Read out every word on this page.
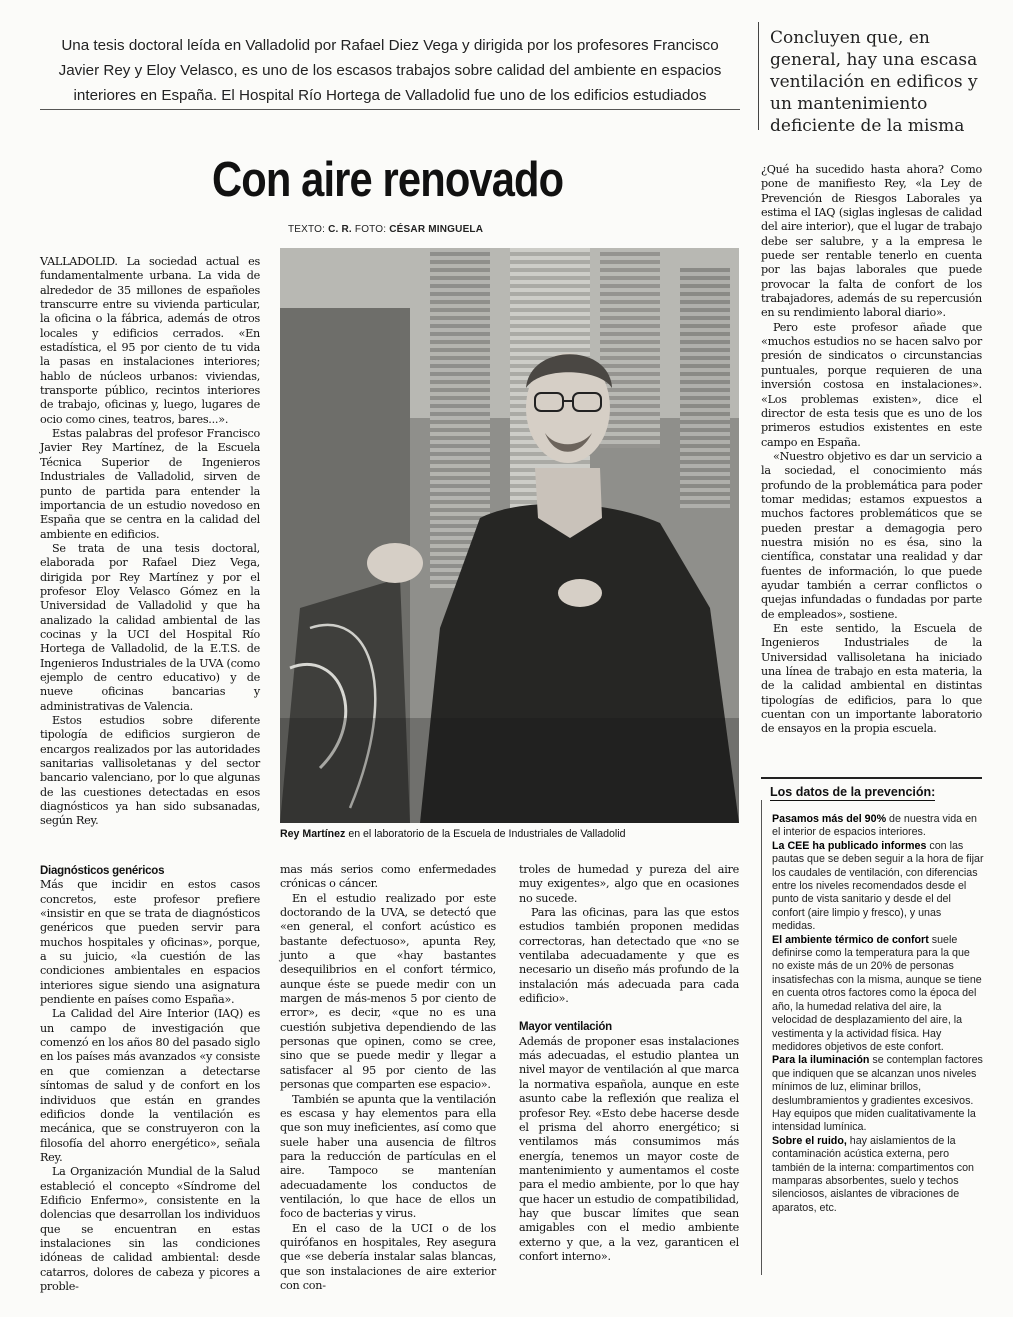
Una tesis doctoral leída en Valladolid por Rafael Diez Vega y dirigida por los profesores Francisco Javier Rey y Eloy Velasco, es uno de los escasos trabajos sobre calidad del ambiente en espacios interiores en España. El Hospital Río Hortega de Valladolid fue uno de los edificios estudiados

Concluyen que, en general, hay una escasa ventilación en edificos y un mantenimiento deficiente de la misma
Con aire renovado
TEXTO: C. R. FOTO: CÉSAR MINGUELA

VALLADOLID. La sociedad actual es fundamentalmente urbana. La vida de alrededor de 35 millones de españoles transcurre entre su vivienda particular, la oficina o la fábrica, además de otros locales y edificios cerrados. «En estadística, el 95 por ciento de tu vida la pasas en instalaciones interiores; hablo de núcleos urbanos: viviendas, transporte público, recintos interiores de trabajo, oficinas y, luego, lugares de ocio como cines, teatros, bares...».

Estas palabras del profesor Francisco Javier Rey Martínez, de la Escuela Técnica Superior de Ingenieros Industriales de Valladolid, sirven de punto de partida para entender la importancia de un estudio novedoso en España que se centra en la calidad del ambiente en edificios.

Se trata de una tesis doctoral, elaborada por Rafael Diez Vega, dirigida por Rey Martínez y por el profesor Eloy Velasco Gómez en la Universidad de Valladolid y que ha analizado la calidad ambiental de las cocinas y la UCI del Hospital Río Hortega de Valladolid, de la E.T.S. de Ingenieros Industriales de la UVA (como ejemplo de centro educativo) y de nueve oficinas bancarias y administrativas de Valencia.

Estos estudios sobre diferente tipología de edificios surgieron de encargos realizados por las autoridades sanitarias vallisoletanas y del sector bancario valenciano, por lo que algunas de las cuestiones detectadas en esos diagnósticos ya han sido subsanadas, según Rey.

Rey Martínez en el laboratorio de la Escuela de Industriales de Valladolid
Diagnósticos genéricos

Más que incidir en estos casos concretos, este profesor prefiere «insistir en que se trata de diagnósticos genéricos que pueden servir para muchos hospitales y oficinas», porque, a su juicio, «la cuestión de las condiciones ambientales en espacios interiores sigue siendo una asignatura pendiente en países como España».

La Calidad del Aire Interior (IAQ) es un campo de investigación que comenzó en los años 80 del pasado siglo en los países más avanzados «y consiste en que comienzan a detectarse síntomas de salud y de confort en los individuos que están en grandes edificios donde la ventilación es mecánica, que se construyeron con la filosofía del ahorro energético», señala Rey.

La Organización Mundial de la Salud estableció el concepto «Síndrome del Edificio Enfermo», consistente en la dolencias que desarrollan los individuos que se encuentran en estas instalaciones sin las condiciones idóneas de calidad ambiental: desde catarros, dolores de cabeza y picores a proble-

mas más serios como enfermedades crónicas o cáncer.

En el estudio realizado por este doctorando de la UVA, se detectó que «en general, el confort acústico es bastante defectuoso», apunta Rey, junto a que «hay bastantes desequilibrios en el confort térmico, aunque éste se puede medir con un margen de más-menos 5 por ciento de error», es decir, «que no es una cuestión subjetiva dependiendo de las personas que opinen, como se cree, sino que se puede medir y llegar a satisfacer al 95 por ciento de las personas que comparten ese espacio».

También se apunta que la ventilación es escasa y hay elementos para ella que son muy ineficientes, así como que suele haber una ausencia de filtros para la reducción de partículas en el aire. Tampoco se mantenían adecuadamente los conductos de ventilación, lo que hace de ellos un foco de bacterias y virus.

En el caso de la UCI o de los quirófanos en hospitales, Rey asegura que «se debería instalar salas blancas, que son instalaciones de aire exterior con con-

troles de humedad y pureza del aire muy exigentes», algo que en ocasiones no sucede.

Para las oficinas, para las que estos estudios también proponen medidas correctoras, han detectado que «no se ventilaba adecuadamente y que es necesario un diseño más profundo de la instalación más adecuada para cada edificio».

Mayor ventilación

Además de proponer esas instalaciones más adecuadas, el estudio plantea un nivel mayor de ventilación al que marca la normativa española, aunque en este asunto cabe la reflexión que realiza el profesor Rey. «Esto debe hacerse desde el prisma del ahorro energético; si ventilamos más consumimos más energía, tenemos un mayor coste de mantenimiento y aumentamos el coste para el medio ambiente, por lo que hay que hacer un estudio de compatibilidad, hay que buscar límites que sean amigables con el medio ambiente externo y que, a la vez, garanticen el confort interno».

¿Qué ha sucedido hasta ahora? Como pone de manifiesto Rey, «la Ley de Prevención de Riesgos Laborales ya estima el IAQ (siglas inglesas de calidad del aire interior), que el lugar de trabajo debe ser salubre, y a la empresa le puede ser rentable tenerlo en cuenta por las bajas laborales que puede provocar la falta de confort de los trabajadores, además de su repercusión en su rendimiento laboral diario».

Pero este profesor añade que «muchos estudios no se hacen salvo por presión de sindicatos o circunstancias puntuales, porque requieren de una inversión costosa en instalaciones». «Los problemas existen», dice el director de esta tesis que es uno de los primeros estudios existentes en este campo en España.

«Nuestro objetivo es dar un servicio a la sociedad, el conocimiento más profundo de la problemática para poder tomar medidas; estamos expuestos a muchos factores problemáticos que se pueden prestar a demagogia pero nuestra misión no es ésa, sino la científica, constatar una realidad y dar fuentes de información, lo que puede ayudar también a cerrar conflictos o quejas infundadas o fundadas por parte de empleados», sostiene.

En este sentido, la Escuela de Ingenieros Industriales de la Universidad vallisoletana ha iniciado una línea de trabajo en esta materia, la de la calidad ambiental en distintas tipologías de edificios, para lo que cuentan con un importante laboratorio de ensayos en la propia escuela.

Los datos de la prevención:

Pasamos más del 90% de nuestra vida en el interior de espacios interiores.

La CEE ha publicado informes con las pautas que se deben seguir a la hora de fijar los caudales de ventilación, con diferencias entre los niveles recomendados desde el punto de vista sanitario y desde el del confort (aire limpio y fresco), y unas medidas.

El ambiente térmico de confort suele definirse como la temperatura para la que no existe más de un 20% de personas insatisfechas con la misma, aunque se tiene en cuenta otros factores como la época del año, la humedad relativa del aire, la velocidad de desplazamiento del aire, la vestimenta y la actividad física. Hay medidores objetivos de este confort.

Para la iluminación se contemplan factores que indiquen que se alcanzan unos niveles mínimos de luz, eliminar brillos, deslumbramientos y gradientes excesivos. Hay equipos que miden cualitativamente la intensidad lumínica.

Sobre el ruido, hay aislamientos de la contaminación acústica externa, pero también de la interna: compartimentos con mamparas absorbentes, suelo y techos silenciosos, aislantes de vibraciones de aparatos, etc.
